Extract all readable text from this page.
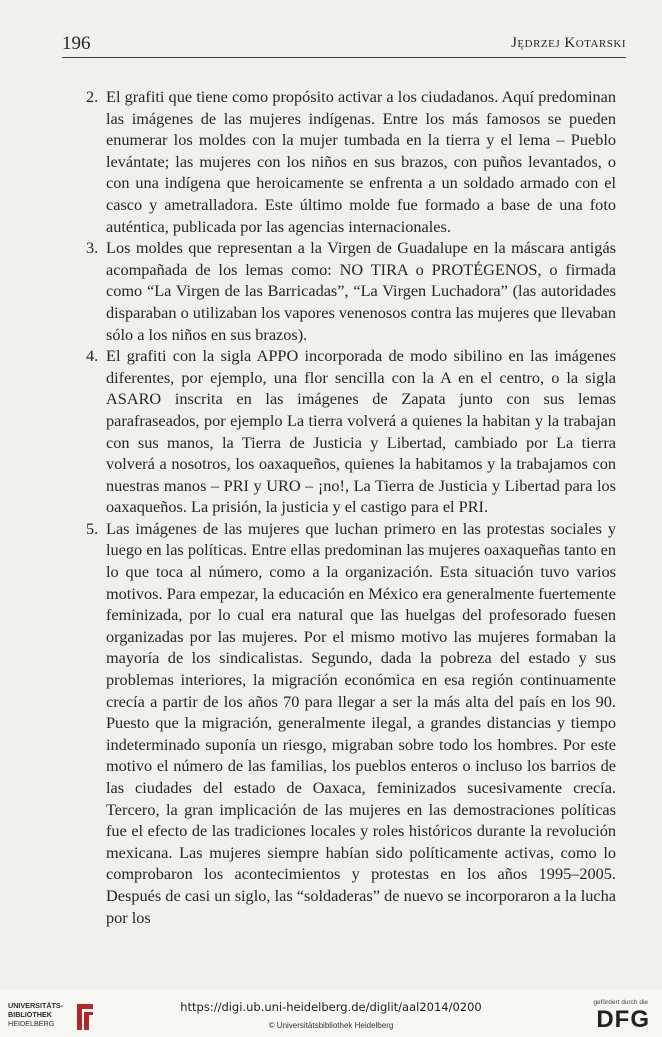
196	Jędrzej Kotarski
2. El grafiti que tiene como propósito activar a los ciudadanos. Aquí predominan las imágenes de las mujeres indígenas. Entre los más famosos se pueden enumerar los moldes con la mujer tumbada en la tierra y el lema – Pueblo levántate; las mujeres con los niños en sus brazos, con puños levantados, o con una indígena que heroicamente se enfrenta a un soldado armado con el casco y ametralladora. Este último molde fue formado a base de una foto auténtica, publicada por las agencias internacionales.
3. Los moldes que representan a la Virgen de Guadalupe en la máscara antigás acompañada de los lemas como: NO TIRA o PROTÉGENOS, o firmada como “La Virgen de las Barricadas”, “La Virgen Luchadora” (las autoridades disparaban o utilizaban los vapores venenosos contra las mujeres que llevaban sólo a los niños en sus brazos).
4. El grafiti con la sigla APPO incorporada de modo sibilino en las imágenes diferentes, por ejemplo, una flor sencilla con la A en el centro, o la sigla ASARO inscrita en las imágenes de Zapata junto con sus lemas parafraseados, por ejemplo La tierra volverá a quienes la habitan y la trabajan con sus manos, la Tierra de Justicia y Libertad, cambiado por La tierra volverá a nosotros, los oaxaqueños, quienes la habitamos y la trabajamos con nuestras manos – PRI y URO – ¡no!, La Tierra de Justicia y Libertad para los oaxaqueños. La prisión, la justicia y el castigo para el PRI.
5. Las imágenes de las mujeres que luchan primero en las protestas sociales y luego en las políticas. Entre ellas predominan las mujeres oaxaqueñas tanto en lo que toca al número, como a la organización. Esta situación tuvo varios motivos. Para empezar, la educación en México era generalmente fuertemente feminizada, por lo cual era natural que las huelgas del profesorado fuesen organizadas por las mujeres. Por el mismo motivo las mujeres formaban la mayoría de los sindicalistas. Segundo, dada la pobreza del estado y sus problemas interiores, la migración económica en esa región continuamente crecía a partir de los años 70 para llegar a ser la más alta del país en los 90. Puesto que la migración, generalmente ilegal, a grandes distancias y tiempo indeterminado suponía un riesgo, migraban sobre todo los hombres. Por este motivo el número de las familias, los pueblos enteros o incluso los barrios de las ciudades del estado de Oaxaca, feminizados sucesivamente crecía. Tercero, la gran implicación de las mujeres en las demostraciones políticas fue el efecto de las tradiciones locales y roles históricos durante la revolución mexicana. Las mujeres siempre habían sido políticamente activas, como lo comprobaron los acontecimientos y protestas en los años 1995–2005. Después de casi un siglo, las “soldaderas” de nuevo se incorporaron a la lucha por los
UNIVERSITÄTS-
BIBLIOTHEK
HEIDELBERG
https://digi.ub.uni-heidelberg.de/diglit/aal2014/0200
© Universitätsbibliothek Heidelberg
gefördert durch die
DFG
